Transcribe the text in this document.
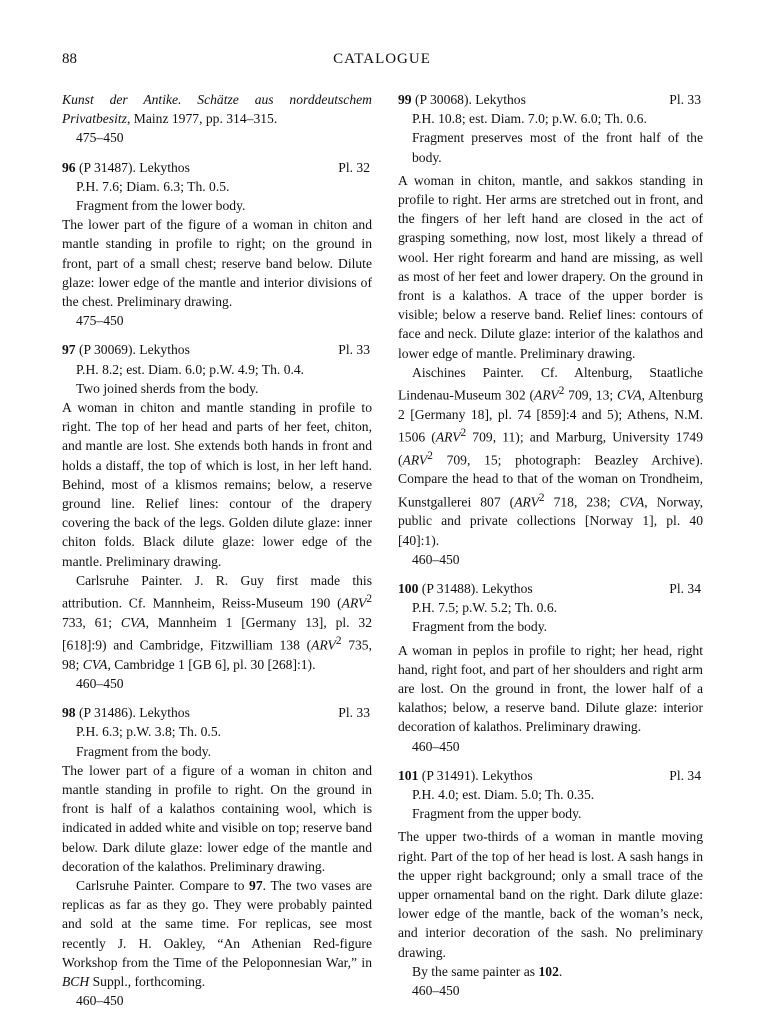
88	CATALOGUE

Kunst der Antike. Schätze aus norddeutschem Privatbesitz, Mainz 1977, pp. 314–315.

475–450

96 (P 31487). Lekythos	Pl. 32

P.H. 7.6; Diam. 6.3; Th. 0.5.

Fragment from the lower body.

The lower part of the figure of a woman in chiton and mantle standing in profile to right; on the ground in front, part of a small chest; reserve band below. Dilute glaze: lower edge of the mantle and interior divisions of the chest. Preliminary drawing.

475–450

97 (P 30069). Lekythos	Pl. 33

P.H. 8.2; est. Diam. 6.0; p.W. 4.9; Th. 0.4.

Two joined sherds from the body.

A woman in chiton and mantle standing in profile to right. The top of her head and parts of her feet, chiton, and mantle are lost. She extends both hands in front and holds a distaff, the top of which is lost, in her left hand. Behind, most of a klismos remains; below, a reserve ground line. Relief lines: contour of the drapery covering the back of the legs. Golden dilute glaze: inner chiton folds. Black dilute glaze: lower edge of the mantle. Preliminary drawing.

Carlsruhe Painter. J. R. Guy first made this attribution. Cf. Mannheim, Reiss-Museum 190 (ARV$^2$ 733, 61; CVA, Mannheim 1 [Germany 13], pl. 32 [618]:9) and Cambridge, Fitzwilliam 138 (ARV$^2$ 735, 98; CVA, Cambridge 1 [GB 6], pl. 30 [268]:1).

460–450

98 (P 31486). Lekythos	Pl. 33

P.H. 6.3; p.W. 3.8; Th. 0.5.

Fragment from the body.

The lower part of a figure of a woman in chiton and mantle standing in profile to right. On the ground in front is half of a kalathos containing wool, which is indicated in added white and visible on top; reserve band below. Dark dilute glaze: lower edge of the mantle and decoration of the kalathos. Preliminary drawing.

Carlsruhe Painter. Compare to 97. The two vases are replicas as far as they go. They were probably painted and sold at the same time. For replicas, see most recently J. H. Oakley, “An Athenian Red-figure Workshop from the Time of the Peloponnesian War,” in BCH Suppl., forthcoming.

460–450

99 (P 30068). Lekythos	Pl. 33

P.H. 10.8; est. Diam. 7.0; p.W. 6.0; Th. 0.6.

Fragment preserves most of the front half of the body.

A woman in chiton, mantle, and sakkos standing in profile to right. Her arms are stretched out in front, and the fingers of her left hand are closed in the act of grasping something, now lost, most likely a thread of wool. Her right forearm and hand are missing, as well as most of her feet and lower drapery. On the ground in front is a kalathos. A trace of the upper border is visible; below a reserve band. Relief lines: contours of face and neck. Dilute glaze: interior of the kalathos and lower edge of mantle. Preliminary drawing.

Aischines Painter. Cf. Altenburg, Staatliche Lindenau-Museum 302 (ARV$^2$ 709, 13; CVA, Altenburg 2 [Germany 18], pl. 74 [859]:4 and 5); Athens, N.M. 1506 (ARV$^2$ 709, 11); and Marburg, University 1749 (ARV$^2$ 709, 15; photograph: Beazley Archive). Compare the head to that of the woman on Trondheim, Kunstgallerei 807 (ARV$^2$ 718, 238; CVA, Norway, public and private collections [Norway 1], pl. 40 [40]:1).

460–450

100 (P 31488). Lekythos	Pl. 34

P.H. 7.5; p.W. 5.2; Th. 0.6.

Fragment from the body.

A woman in peplos in profile to right; her head, right hand, right foot, and part of her shoulders and right arm are lost. On the ground in front, the lower half of a kalathos; below, a reserve band. Dilute glaze: interior decoration of kalathos. Preliminary drawing.

460–450

101 (P 31491). Lekythos	Pl. 34

P.H. 4.0; est. Diam. 5.0; Th. 0.35.

Fragment from the upper body.

The upper two-thirds of a woman in mantle moving right. Part of the top of her head is lost. A sash hangs in the upper right background; only a small trace of the upper ornamental band on the right. Dark dilute glaze: lower edge of the mantle, back of the woman’s neck, and interior decoration of the sash. No preliminary drawing.

By the same painter as 102.

460–450
